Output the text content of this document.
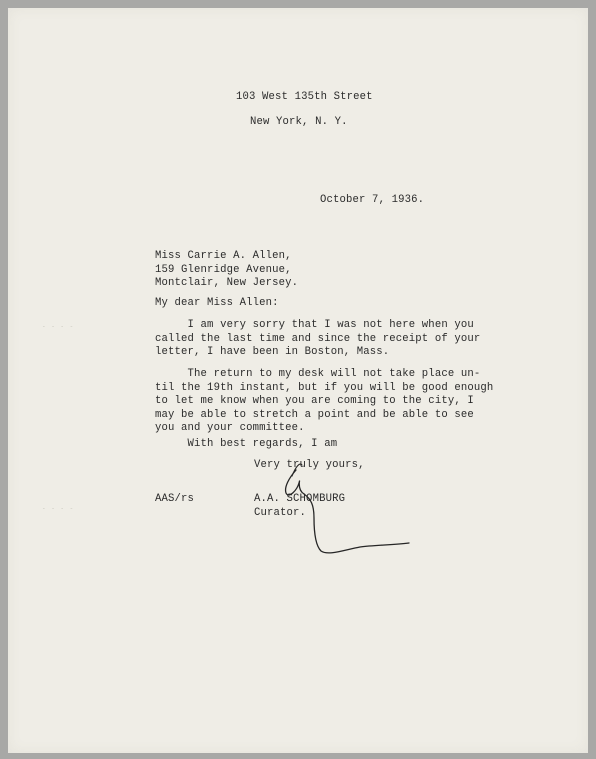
103 West 135th Street
New York, N. Y.
October 7, 1936.
Miss Carrie A. Allen,
159 Glenridge Avenue,
Montclair, New Jersey.
My dear Miss Allen:
I am very sorry that I was not here when you
called the last time and since the receipt of your
letter, I have been in Boston, Mass.
The return to my desk will not take place un-
til the 19th instant, but if you will be good enough
to let me know when you are coming to the city, I
may be able to stretch a point and be able to see
you and your committee.
With best regards, I am
Very truly yours,
AAS/rs	A.A. SCHOMBURG
Curator.
- - - -
- - - -
